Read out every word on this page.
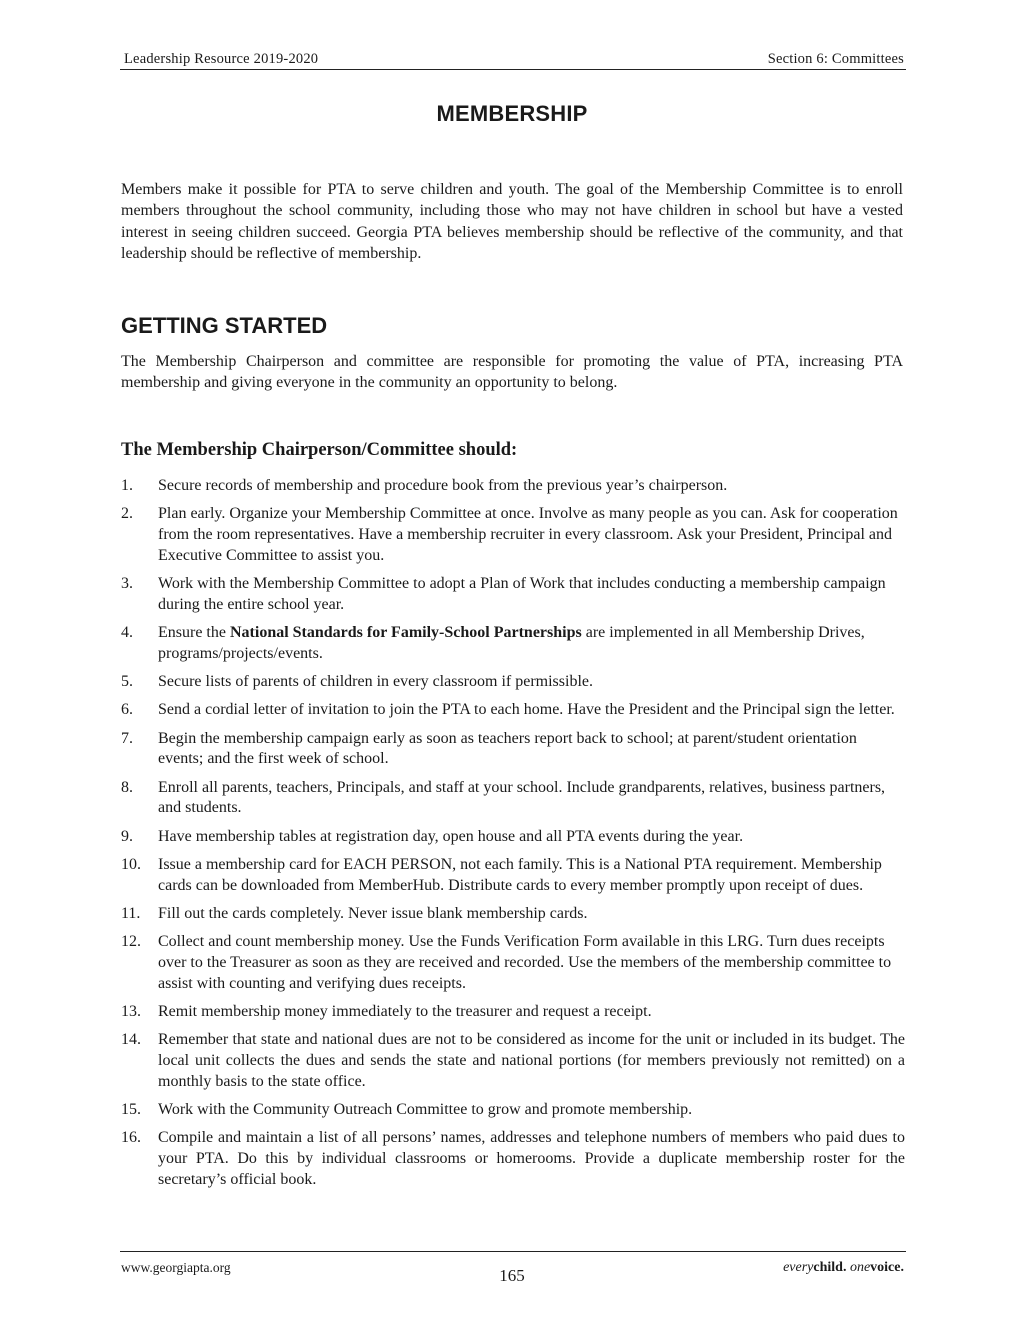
Leadership Resource 2019-2020	Section 6: Committees
MEMBERSHIP
Members make it possible for PTA to serve children and youth. The goal of the Membership Committee is to enroll members throughout the school community, including those who may not have children in school but have a vested interest in seeing children succeed. Georgia PTA believes membership should be reflective of the community, and that leadership should be reflective of membership.
GETTING STARTED
The Membership Chairperson and committee are responsible for promoting the value of PTA, increasing PTA membership and giving everyone in the community an opportunity to belong.
The Membership Chairperson/Committee should:
1. Secure records of membership and procedure book from the previous year’s chairperson.
2. Plan early. Organize your Membership Committee at once. Involve as many people as you can. Ask for cooperation from the room representatives. Have a membership recruiter in every classroom. Ask your President, Principal and Executive Committee to assist you.
3. Work with the Membership Committee to adopt a Plan of Work that includes conducting a membership campaign during the entire school year.
4. Ensure the National Standards for Family-School Partnerships are implemented in all Membership Drives, programs/projects/events.
5. Secure lists of parents of children in every classroom if permissible.
6. Send a cordial letter of invitation to join the PTA to each home. Have the President and the Principal sign the letter.
7. Begin the membership campaign early as soon as teachers report back to school; at parent/student orientation events; and the first week of school.
8. Enroll all parents, teachers, Principals, and staff at your school. Include grandparents, relatives, business partners, and students.
9. Have membership tables at registration day, open house and all PTA events during the year.
10. Issue a membership card for EACH PERSON, not each family. This is a National PTA requirement. Membership cards can be downloaded from MemberHub. Distribute cards to every member promptly upon receipt of dues.
11. Fill out the cards completely. Never issue blank membership cards.
12. Collect and count membership money. Use the Funds Verification Form available in this LRG. Turn dues receipts over to the Treasurer as soon as they are received and recorded. Use the members of the membership committee to assist with counting and verifying dues receipts.
13. Remit membership money immediately to the treasurer and request a receipt.
14. Remember that state and national dues are not to be considered as income for the unit or included in its budget. The local unit collects the dues and sends the state and national portions (for members previously not remitted) on a monthly basis to the state office.
15. Work with the Community Outreach Committee to grow and promote membership.
16. Compile and maintain a list of all persons’ names, addresses and telephone numbers of members who paid dues to your PTA. Do this by individual classrooms or homerooms. Provide a duplicate membership roster for the secretary’s official book.
www.georgiapta.org	165	everychild. onevoice.
